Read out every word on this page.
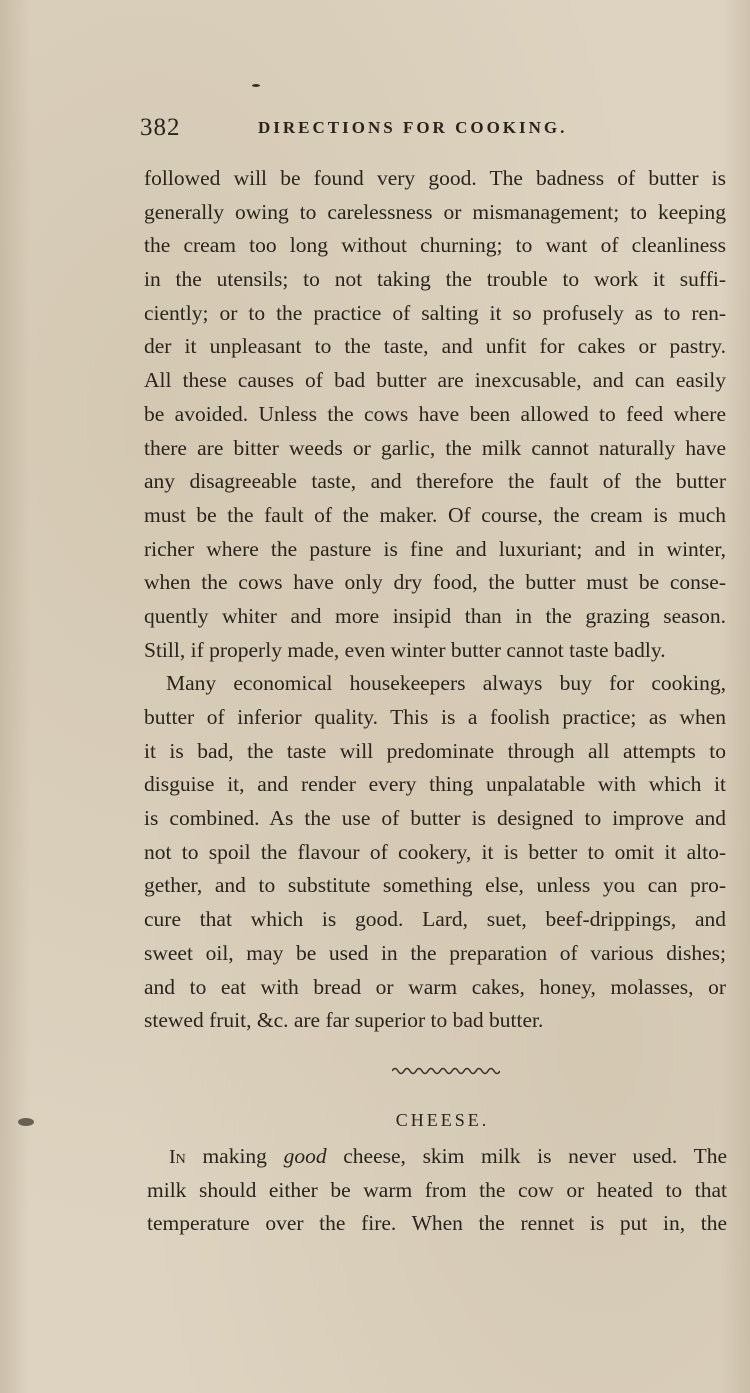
382	DIRECTIONS FOR COOKING.
followed will be found very good. The badness of butter is
generally owing to carelessness or mismanagement; to keeping
the cream too long without churning; to want of cleanliness
in the utensils; to not taking the trouble to work it suffi-
ciently; or to the practice of salting it so profusely as to ren-
der it unpleasant to the taste, and unfit for cakes or pastry.
All these causes of bad butter are inexcusable, and can easily
be avoided. Unless the cows have been allowed to feed where
there are bitter weeds or garlic, the milk cannot naturally have
any disagreeable taste, and therefore the fault of the butter
must be the fault of the maker. Of course, the cream is much
richer where the pasture is fine and luxuriant; and in winter,
when the cows have only dry food, the butter must be conse-
quently whiter and more insipid than in the grazing season.
Still, if properly made, even winter butter cannot taste badly.
Many economical housekeepers always buy for cooking,
butter of inferior quality. This is a foolish practice; as when
it is bad, the taste will predominate through all attempts to
disguise it, and render every thing unpalatable with which it
is combined. As the use of butter is designed to improve and
not to spoil the flavour of cookery, it is better to omit it alto-
gether, and to substitute something else, unless you can pro-
cure that which is good. Lard, suet, beef-drippings, and
sweet oil, may be used in the preparation of various dishes;
and to eat with bread or warm cakes, honey, molasses, or
stewed fruit, &c. are far superior to bad butter.
CHEESE.
In making good cheese, skim milk is never used. The
milk should either be warm from the cow or heated to that
temperature over the fire. When the rennet is put in, the
